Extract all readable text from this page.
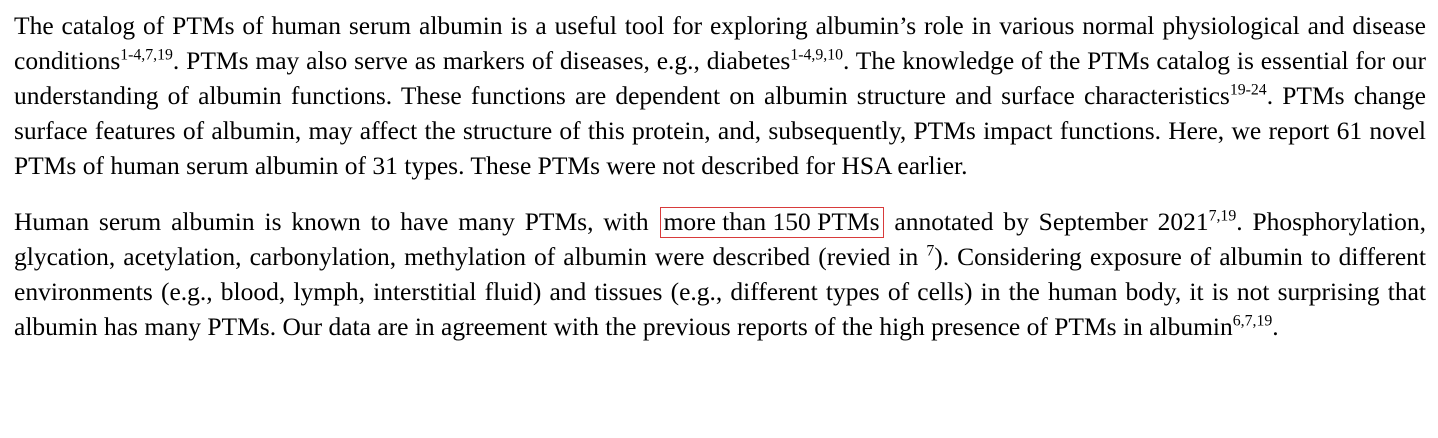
The catalog of PTMs of human serum albumin is a useful tool for exploring albumin’s role in various normal physiological and disease conditions$^{1-4,7,19}$. PTMs may also serve as markers of diseases, e.g., diabetes$^{1-4,9,10}$. The knowledge of the PTMs catalog is essential for our understanding of albumin functions. These functions are dependent on albumin structure and surface characteristics$^{19-24}$. PTMs change surface features of albumin, may affect the structure of this protein, and, subsequently, PTMs impact functions. Here, we report 61 novel PTMs of human serum albumin of 31 types. These PTMs were not described for HSA earlier.

Human serum albumin is known to have many PTMs, with more than 150 PTMs annotated by September 2021$^{7,19}$. Phosphorylation, glycation, acetylation, carbonylation, methylation of albumin were described (revied in $^7$). Considering exposure of albumin to different environments (e.g., blood, lymph, interstitial fluid) and tissues (e.g., different types of cells) in the human body, it is not surprising that albumin has many PTMs. Our data are in agreement with the previous reports of the high presence of PTMs in albumin$^{6,7,19}$.
